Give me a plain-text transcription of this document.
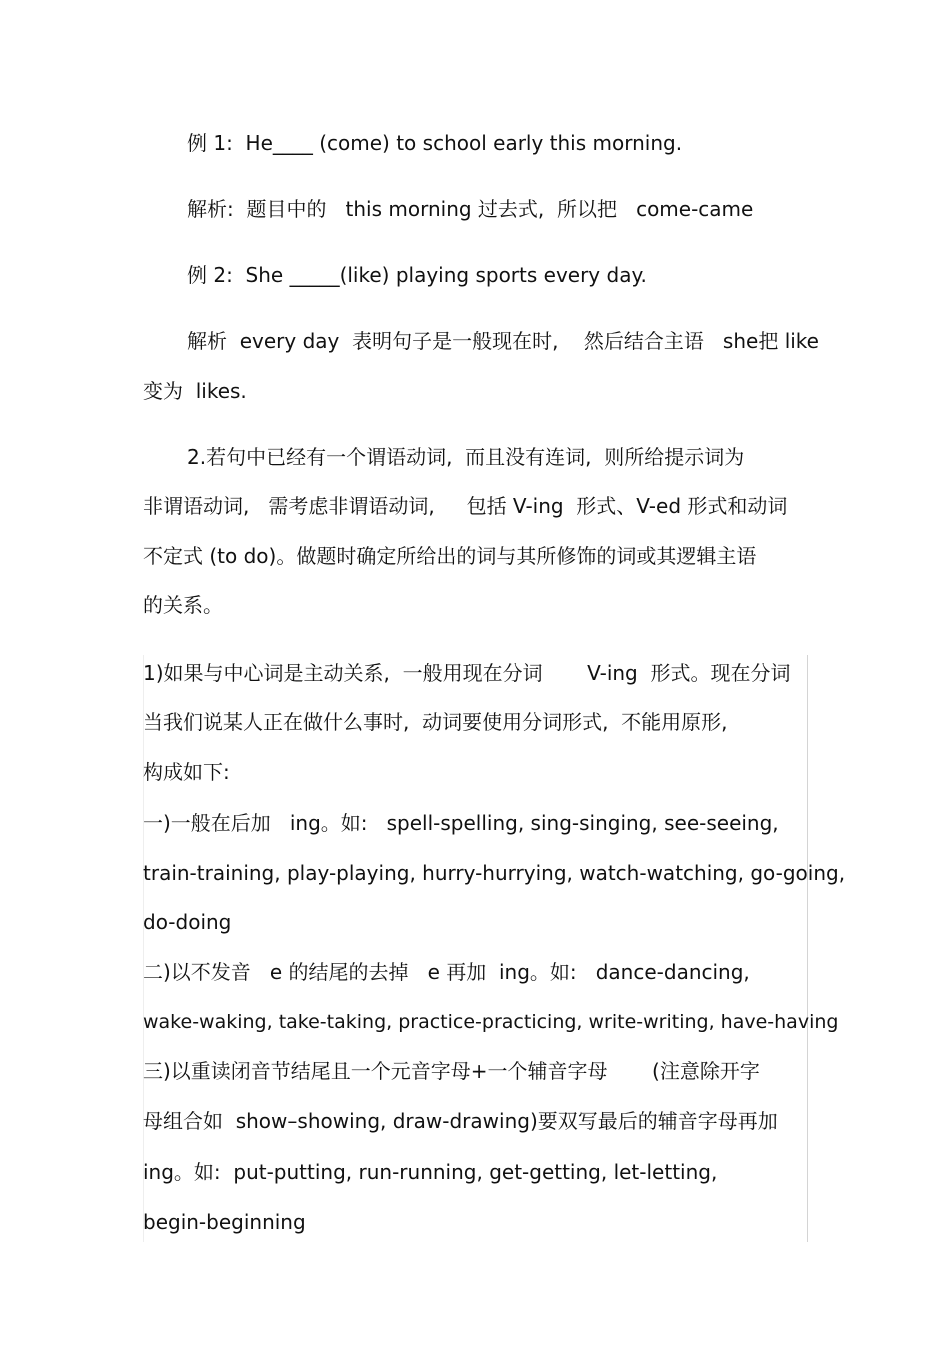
例 1:  He____ (come) to school early this morning.

解析:  题目中的   this morning 过去式,  所以把   come-came

例 2:  She _____(like) playing sports every day.

解析  every day  表明句子是一般现在时,    然后结合主语   she把 like

变为  likes.

2.若句中已经有一个谓语动词,  而且没有连词,  则所给提示词为

非谓语动词,   需考虑非谓语动词,     包括 V-ing  形式、V-ed 形式和动词

不定式 (to do)。做题时确定所给出的词与其所修饰的词或其逻辑主语

的关系。

1)如果与中心词是主动关系,  一般用现在分词       V-ing  形式。现在分词

当我们说某人正在做什么事时,  动词要使用分词形式,  不能用原形,

构成如下:

一)一般在后加   ing。如:   spell-spelling, sing-singing, see-seeing,

train-training, play-playing, hurry-hurrying, watch-watching, go-going,

do-doing

二)以不发音   e 的结尾的去掉   e 再加  ing。如:   dance-dancing,

wake-waking, take-taking, practice-practicing, write-writing, have-having

三)以重读闭音节结尾且一个元音字母+一个辅音字母       (注意除开字

母组合如  show–showing, draw-drawing)要双写最后的辅音字母再加

ing。如:  put-putting, run-running, get-getting, let-letting,

begin-beginning
